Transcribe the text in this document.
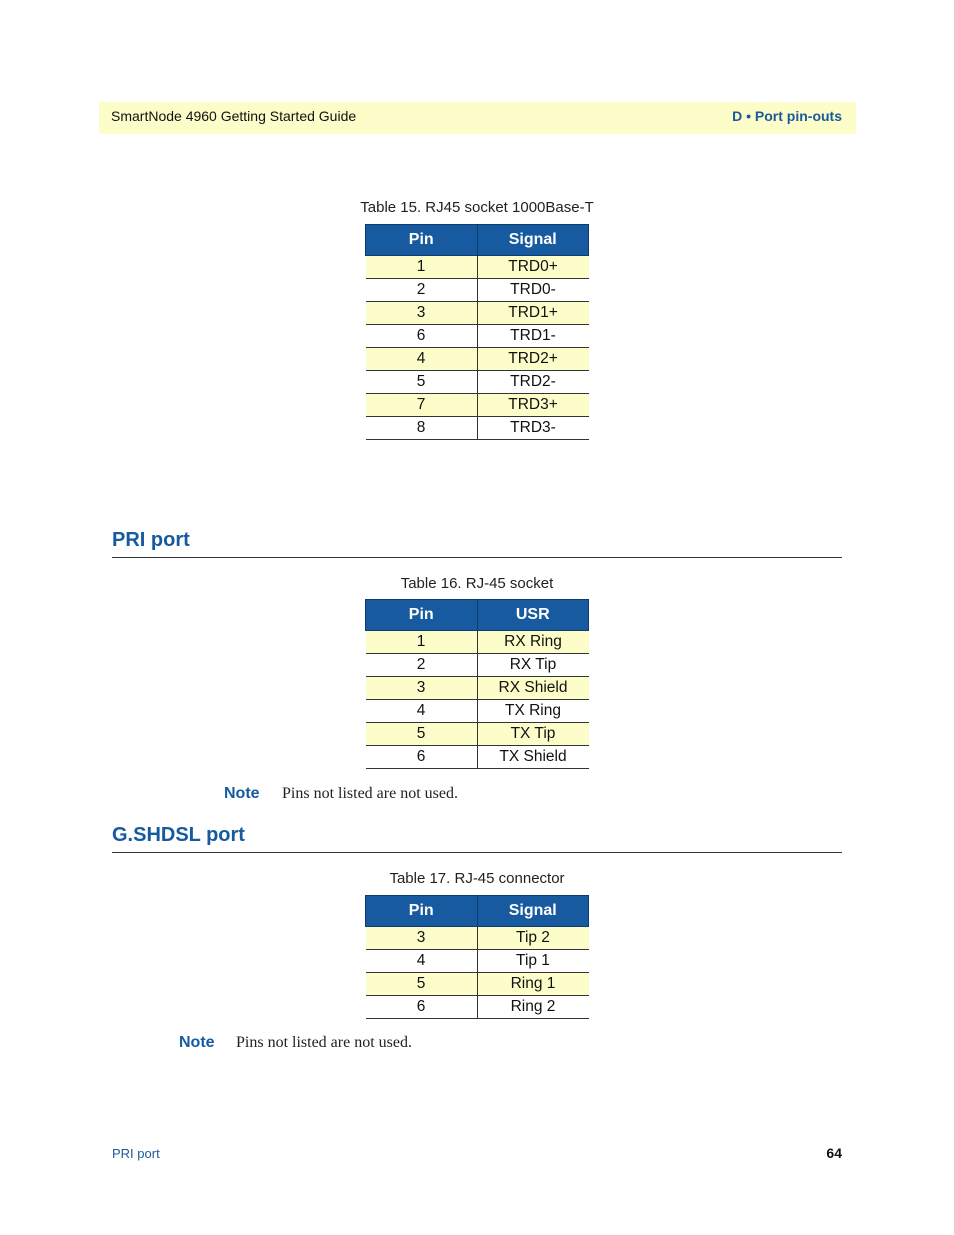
SmartNode 4960 Getting Started Guide	D • Port pin-outs
Table 15. RJ45 socket 1000Base-T
Pin	Signal
1	TRD0+
2	TRD0-
3	TRD1+
6	TRD1-
4	TRD2+
5	TRD2-
7	TRD3+
8	TRD3-
PRI port
Table 16. RJ-45 socket
Pin	USR
1	RX Ring
2	RX Tip
3	RX Shield
4	TX Ring
5	TX Tip
6	TX Shield
Note Pins not listed are not used.
G.SHDSL port
Table 17. RJ-45 connector
Pin	Signal
3	Tip 2
4	Tip 1
5	Ring 1
6	Ring 2
Note Pins not listed are not used.
PRI port	64
